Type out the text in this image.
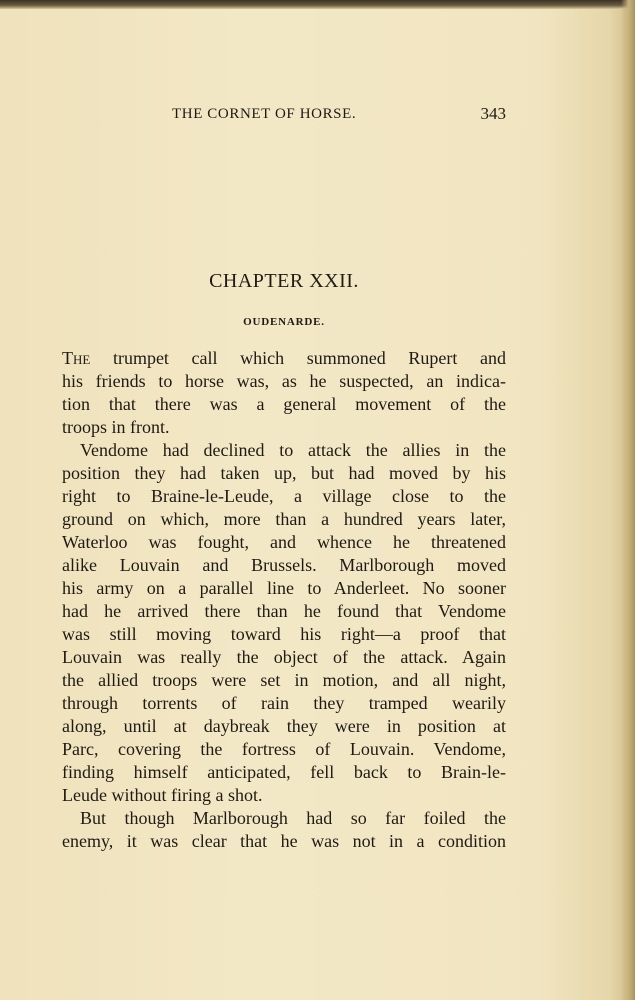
THE CORNET OF HORSE.	343
CHAPTER XXII.
OUDENARDE.
The trumpet call which summoned Rupert and
his friends to horse was, as he suspected, an indica-
tion that there was a general movement of the
troops in front.
Vendome had declined to attack the allies in the
position they had taken up, but had moved by his
right to Braine-le-Leude, a village close to the
ground on which, more than a hundred years later,
Waterloo was fought, and whence he threatened
alike Louvain and Brussels. Marlborough moved
his army on a parallel line to Anderleet. No sooner
had he arrived there than he found that Vendome
was still moving toward his right—a proof that
Louvain was really the object of the attack. Again
the allied troops were set in motion, and all night,
through torrents of rain they tramped wearily
along, until at daybreak they were in position at
Parc, covering the fortress of Louvain. Vendome,
finding himself anticipated, fell back to Brain-le-
Leude without firing a shot.
But though Marlborough had so far foiled the
enemy, it was clear that he was not in a condition
